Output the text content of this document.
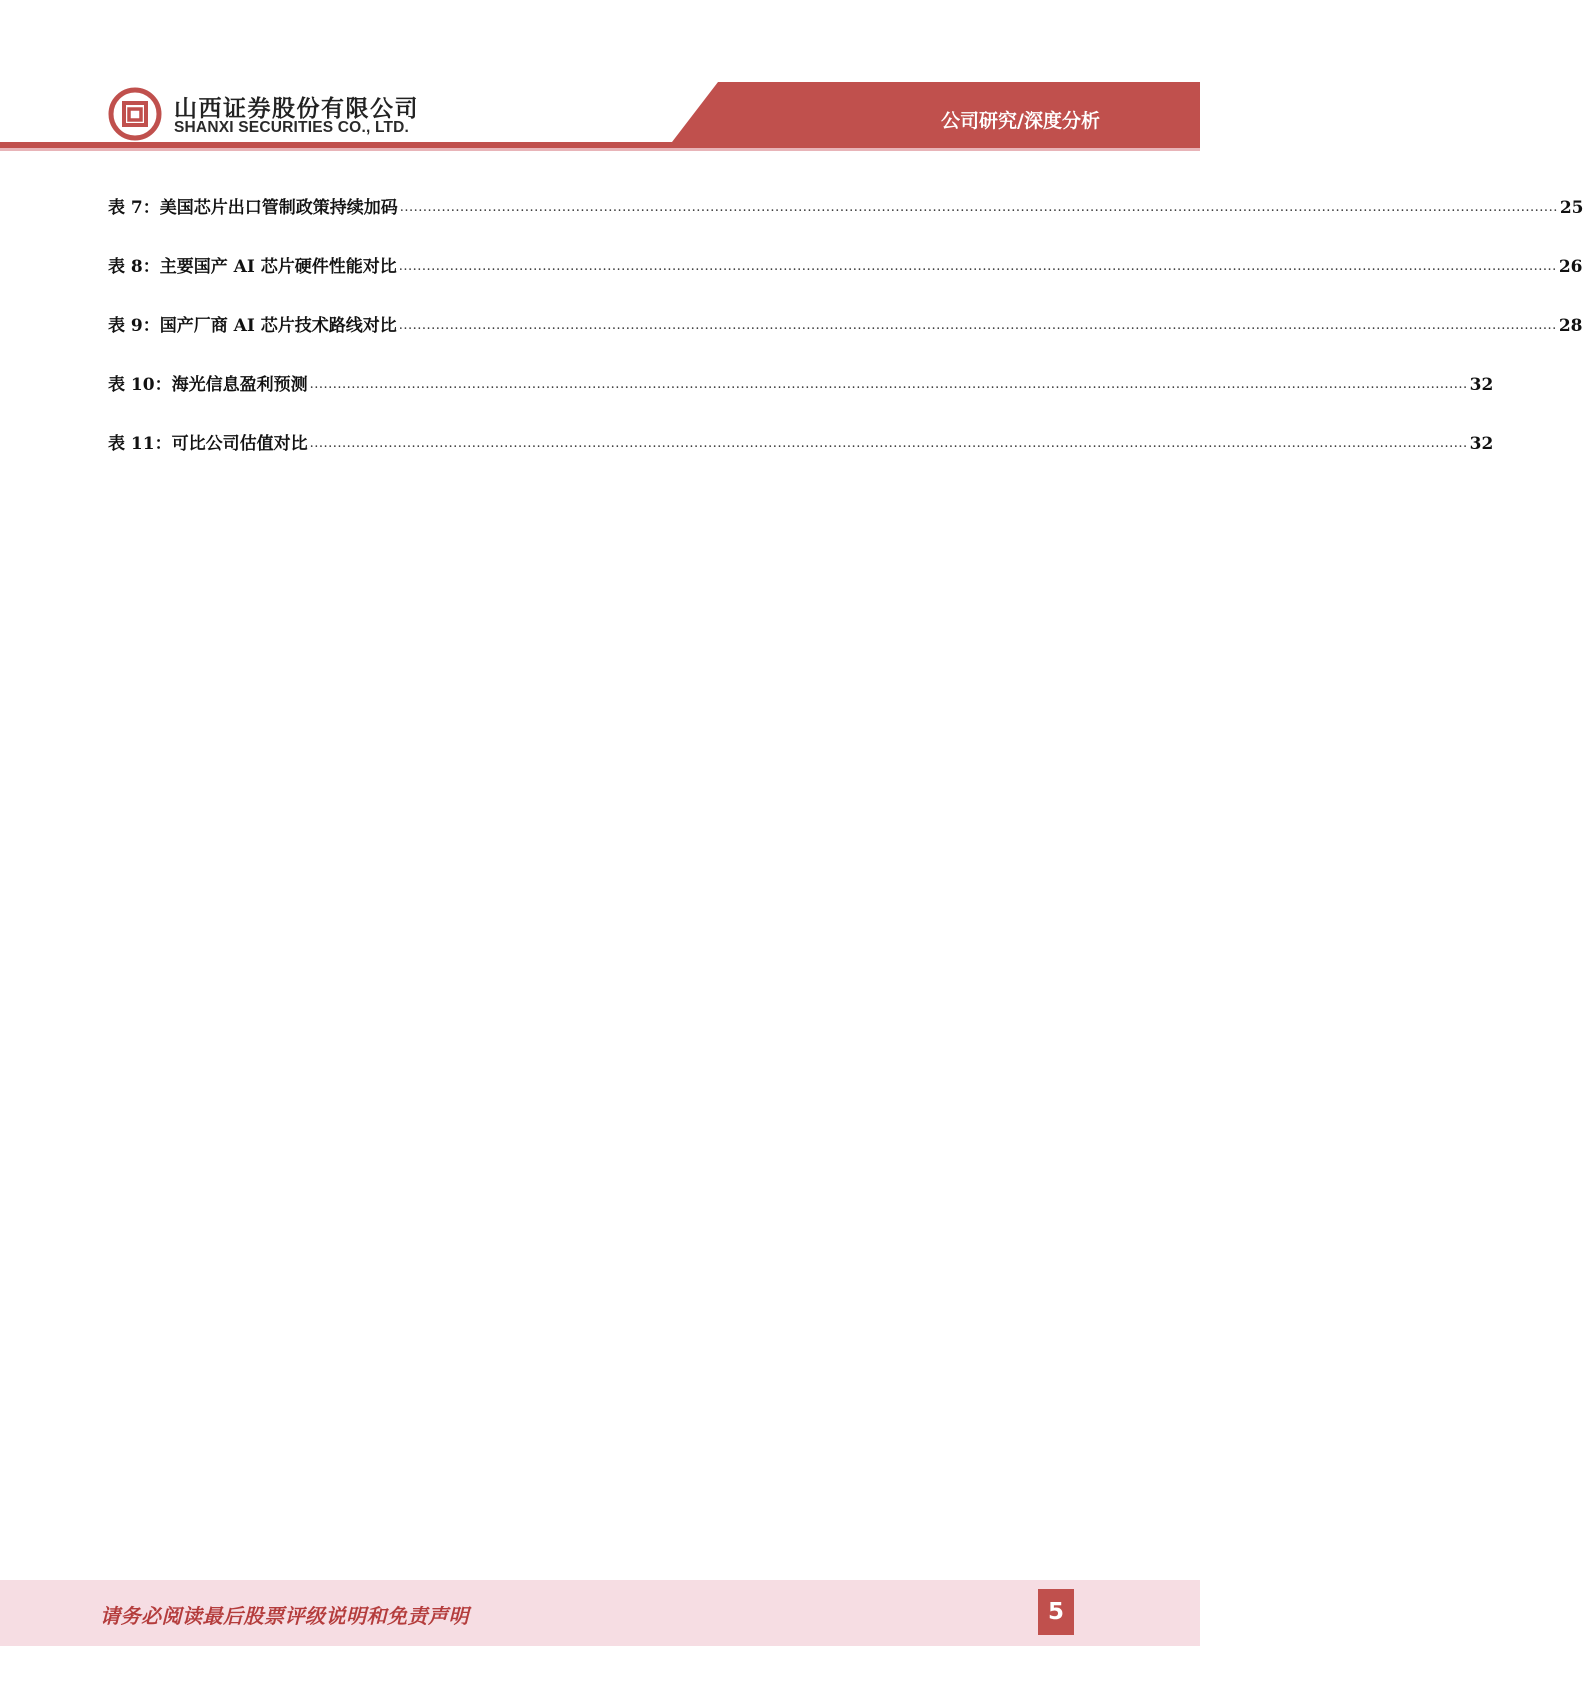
山西证券股份有限公司
SHANXI SECURITIES CO., LTD.	公司研究/深度分析
表 7： 美国芯片出口管制政策持续加码 .......................................................................................................................................................................................................................................................... 25
表 8： 主要国产 AI 芯片硬件性能对比 .......................................................................................................................................................................................................................................................... 26
表 9： 国产厂商 AI 芯片技术路线对比 .......................................................................................................................................................................................................................................................... 28
表 10： 海光信息盈利预测 .......................................................................................................................................................................................................................................................... 32
表 11： 可比公司估值对比 .......................................................................................................................................................................................................................................................... 32
请务必阅读最后股票评级说明和免责声明	5
